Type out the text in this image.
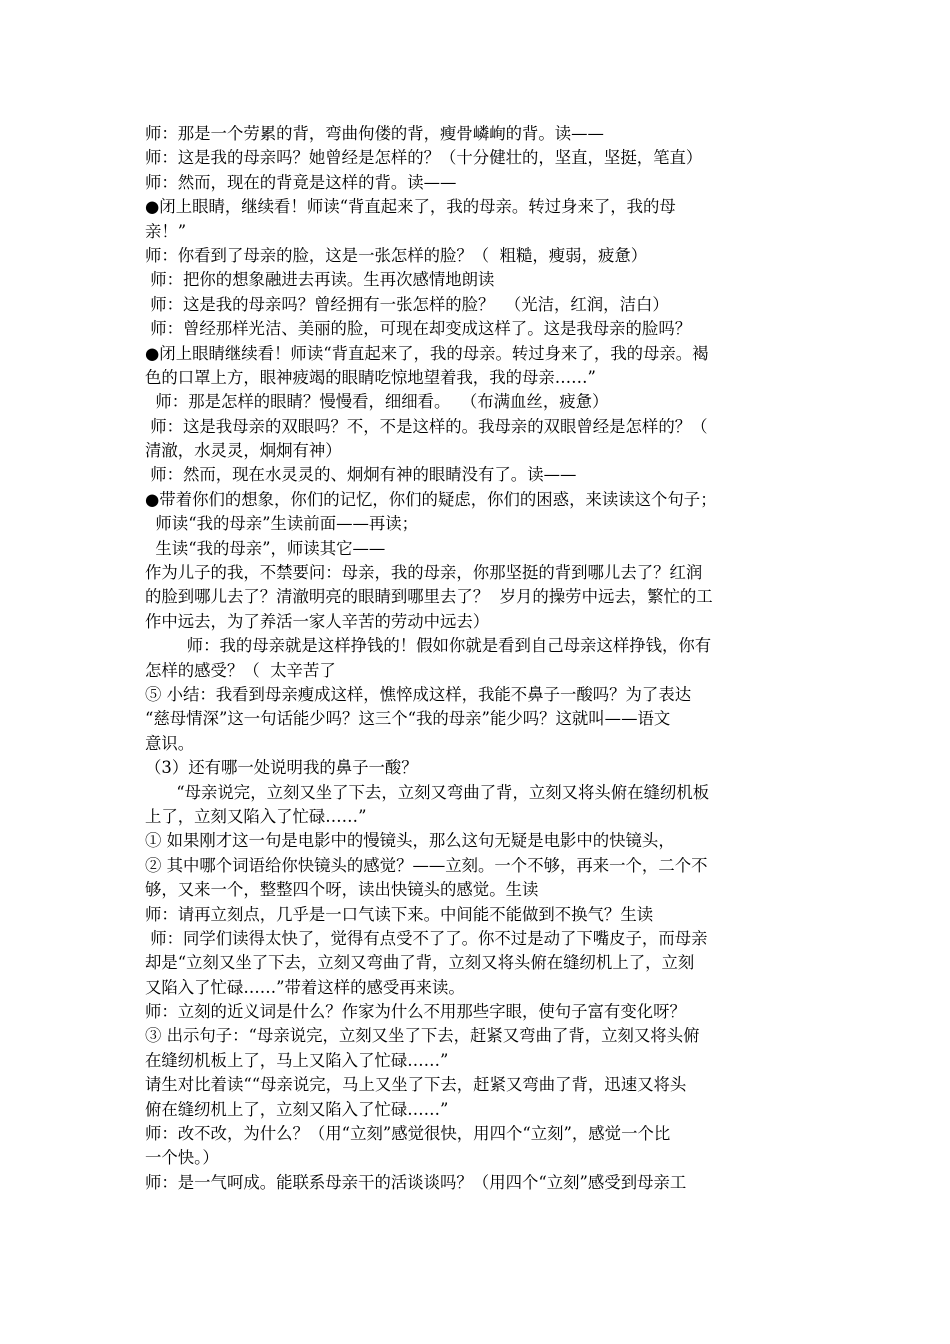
师：那是一个劳累的背，弯曲佝偻的背，瘦骨嶙峋的背。读——
师：这是我的母亲吗？她曾经是怎样的？（十分健壮的，坚直，坚挺，笔直）
师：然而，现在的背竟是这样的背。读——
●闭上眼睛，继续看！师读“背直起来了，我的母亲。转过身来了，我的母
亲！”
师：你看到了母亲的脸，这是一张怎样的脸？（  粗糙，瘦弱，疲惫）
师：把你的想象融进去再读。生再次感情地朗读
师：这是我的母亲吗？曾经拥有一张怎样的脸？  （光洁，红润，洁白）
师：曾经那样光洁、美丽的脸，可现在却变成这样了。这是我母亲的脸吗？
●闭上眼睛继续看！师读“背直起来了，我的母亲。转过身来了，我的母亲。褐
色的口罩上方，眼神疲竭的眼睛吃惊地望着我，我的母亲……”
师：那是怎样的眼睛？慢慢看，细细看。  （布满血丝，疲惫）
师：这是我母亲的双眼吗？不，不是这样的。我母亲的双眼曾经是怎样的？（
清澈，水灵灵，炯炯有神）
师：然而，现在水灵灵的、炯炯有神的眼睛没有了。读——
●带着你们的想象，你们的记忆，你们的疑虑，你们的困惑，来读读这个句子；
师读“我的母亲”生读前面——再读；
生读“我的母亲”，师读其它——
作为儿子的我，不禁要问：母亲，我的母亲，你那坚挺的背到哪儿去了？红润
的脸到哪儿去了？清澈明亮的眼睛到哪里去了？  岁月的操劳中远去，繁忙的工
作中远去，为了养活一家人辛苦的劳动中远去）
师：我的母亲就是这样挣钱的！假如你就是看到自己母亲这样挣钱，你有
怎样的感受？（  太辛苦了
⑤ 小结：我看到母亲瘦成这样，憔悴成这样，我能不鼻子一酸吗？为了表达
“慈母情深”这一句话能少吗？这三个“我的母亲”能少吗？这就叫——语文
意识。
（3）还有哪一处说明我的鼻子一酸？
“母亲说完，立刻又坐了下去，立刻又弯曲了背，立刻又将头俯在缝纫机板
上了，立刻又陷入了忙碌……”
① 如果刚才这一句是电影中的慢镜头，那么这句无疑是电影中的快镜头，
② 其中哪个词语给你快镜头的感觉？——立刻。一个不够，再来一个，二个不
够，又来一个，整整四个呀，读出快镜头的感觉。生读
师：请再立刻点，几乎是一口气读下来。中间能不能做到不换气？生读
师：同学们读得太快了，觉得有点受不了了。你不过是动了下嘴皮子，而母亲
却是“立刻又坐了下去，立刻又弯曲了背，立刻又将头俯在缝纫机上了，立刻
又陷入了忙碌……”带着这样的感受再来读。
师：立刻的近义词是什么？作家为什么不用那些字眼，使句子富有变化呀？
③ 出示句子：“母亲说完，立刻又坐了下去，赶紧又弯曲了背，立刻又将头俯
在缝纫机板上了，马上又陷入了忙碌……”
请生对比着读““母亲说完，马上又坐了下去，赶紧又弯曲了背，迅速又将头
俯在缝纫机上了，立刻又陷入了忙碌……”
师：改不改，为什么？（用“立刻”感觉很快，用四个“立刻”，感觉一个比
一个快。）
师：是一气呵成。能联系母亲干的活谈谈吗？（用四个“立刻”感受到母亲工
